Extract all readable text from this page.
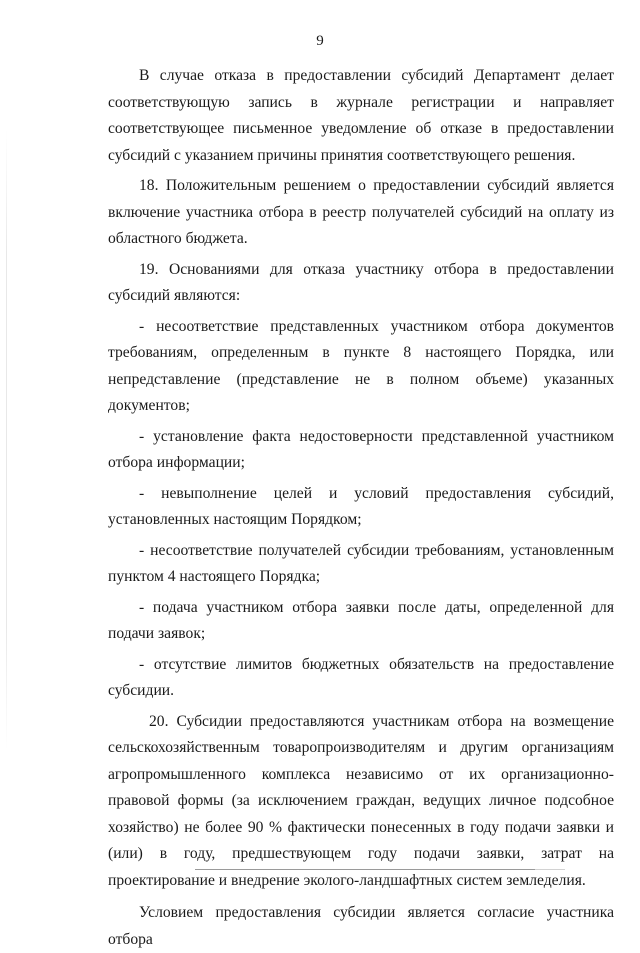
9

В случае отказа в предоставлении субсидий Департамент делает соответствующую запись в журнале регистрации и направляет соответствующее письменное уведомление об отказе в предоставлении субсидий с указанием причины принятия соответствующего решения.

18. Положительным решением о предоставлении субсидий является включение участника отбора в реестр получателей субсидий на оплату из областного бюджета.

19. Основаниями для отказа участнику отбора в предоставлении субсидий являются:

- несоответствие представленных участником отбора документов требованиям, определенным в пункте 8 настоящего Порядка, или непредставление (представление не в полном объеме) указанных документов;

- установление факта недостоверности представленной участником отбора информации;

- невыполнение целей и условий предоставления субсидий, установленных настоящим Порядком;

- несоответствие получателей субсидии требованиям, установленным пунктом 4 настоящего Порядка;

- подача участником отбора заявки после даты, определенной для подачи заявок;

- отсутствие лимитов бюджетных обязательств на предоставление субсидии.

20. Субсидии предоставляются участникам отбора на возмещение сельскохозяйственным товаропроизводителям и другим организациям агропромышленного комплекса независимо от их организационно-правовой формы (за исключением граждан, ведущих личное подсобное хозяйство) не более 90 % фактически понесенных в году подачи заявки и (или) в году, предшествующем году подачи заявки, затрат на проектирование и внедрение эколого-ландшафтных систем земледелия.

Условием предоставления субсидии является согласие участника отбора
